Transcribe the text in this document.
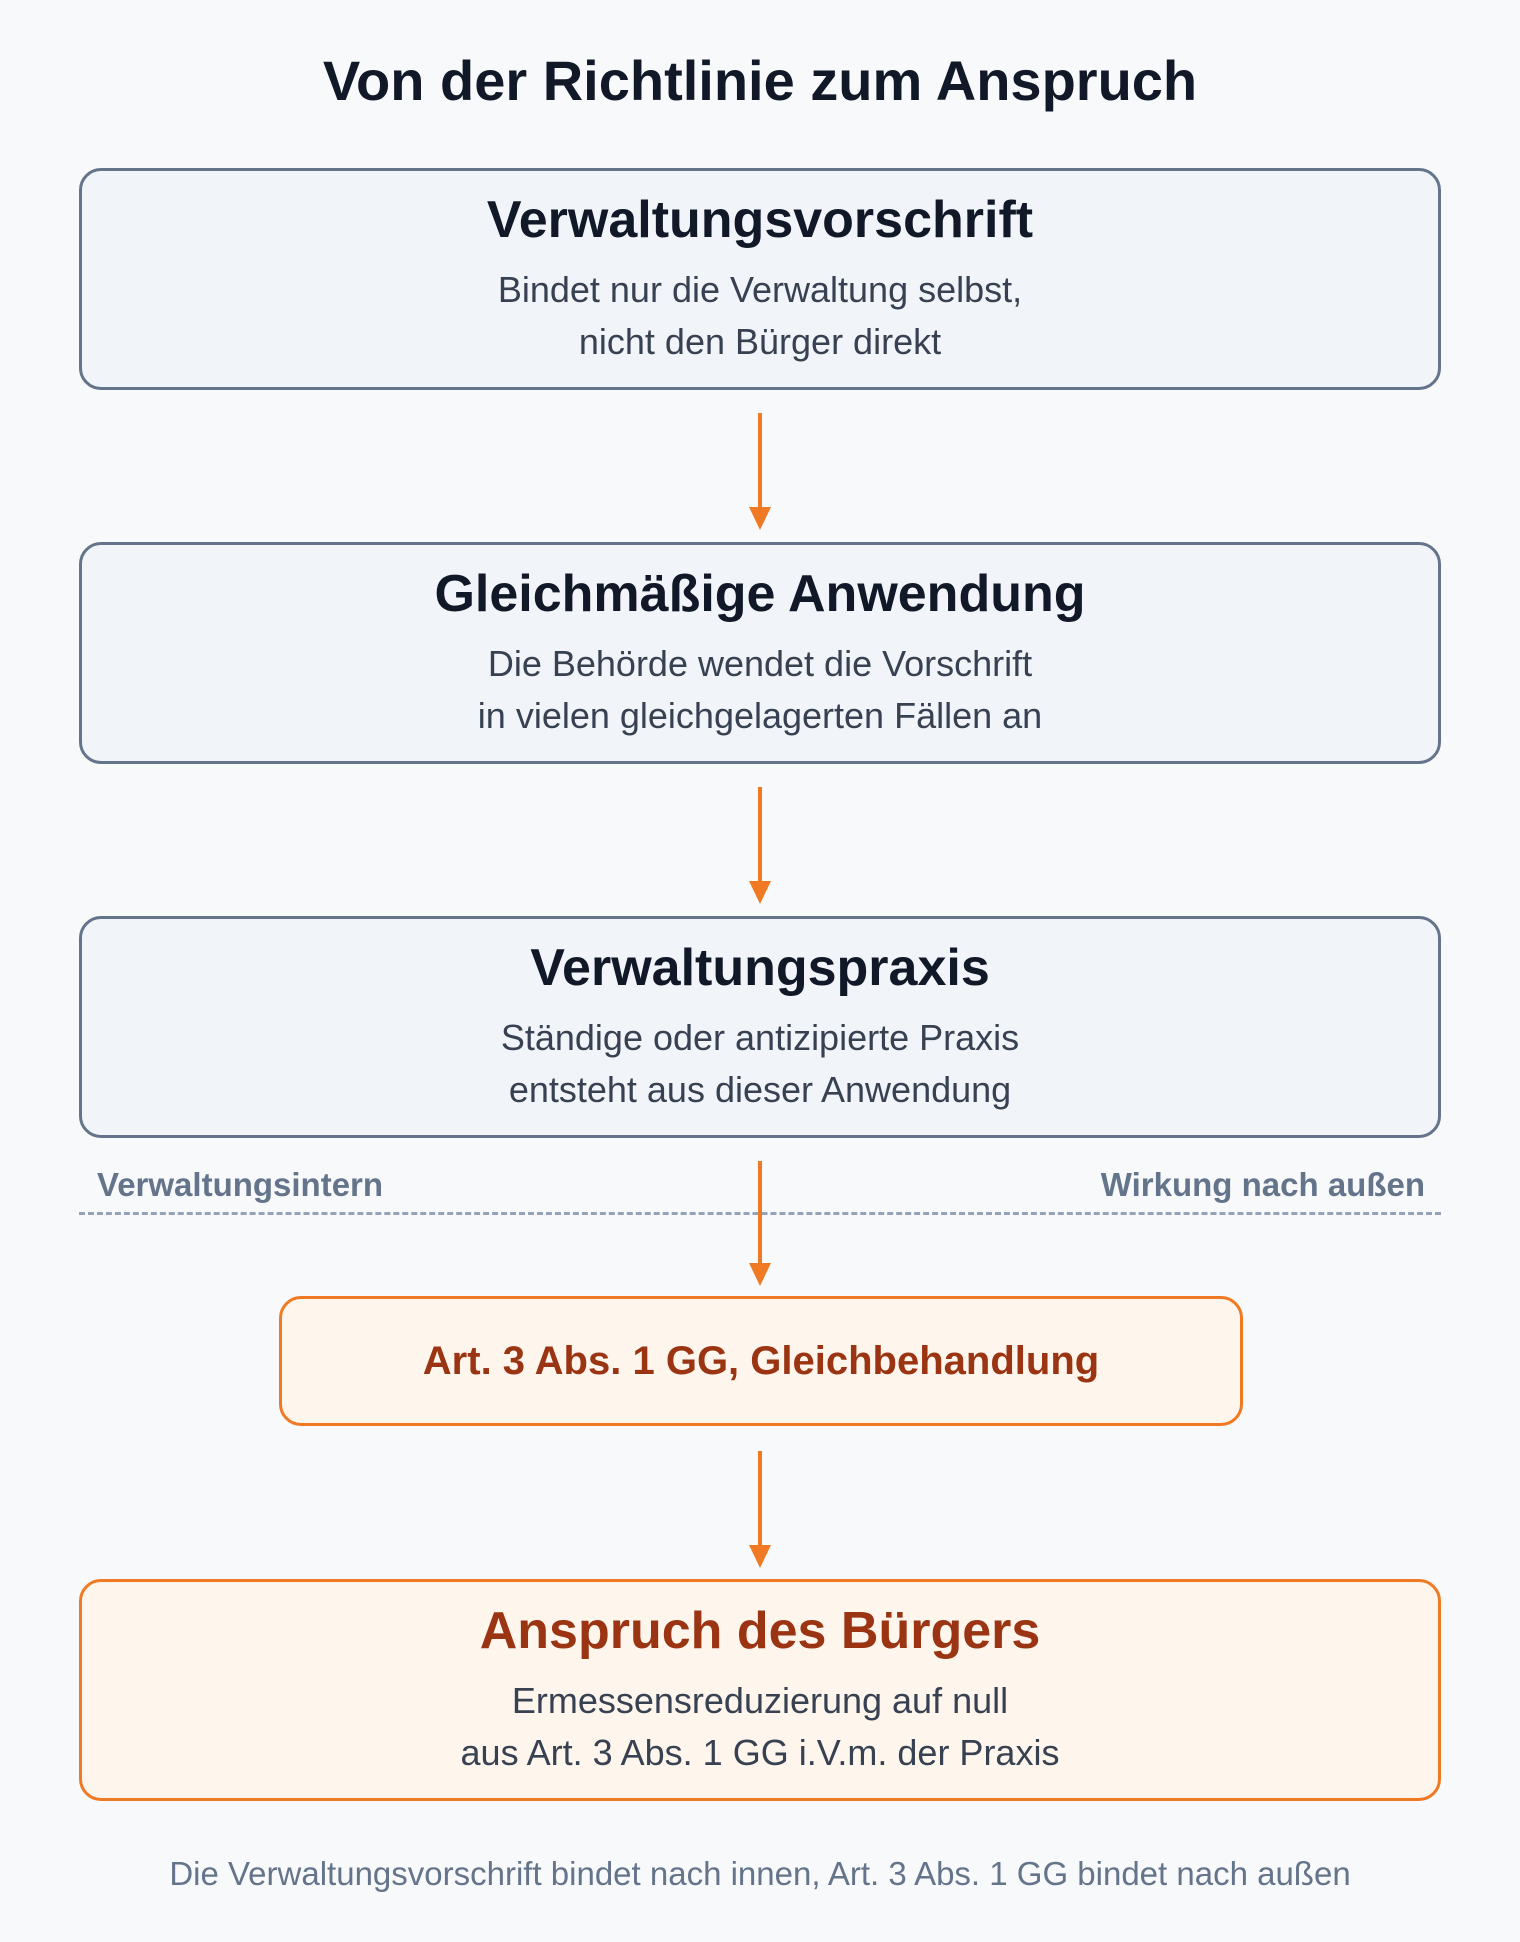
Von der Richtlinie zum Anspruch
Verwaltungsvorschrift
Bindet nur die Verwaltung selbst,
nicht den Bürger direkt
Gleichmäßige Anwendung
Die Behörde wendet die Vorschrift
in vielen gleichgelagerten Fällen an
Verwaltungspraxis
Ständige oder antizipierte Praxis
entsteht aus dieser Anwendung
Verwaltungsintern	Wirkung nach außen
Art. 3 Abs. 1 GG, Gleichbehandlung
Anspruch des Bürgers
Ermessensreduzierung auf null
aus Art. 3 Abs. 1 GG i.V.m. der Praxis
Die Verwaltungsvorschrift bindet nach innen, Art. 3 Abs. 1 GG bindet nach außen
